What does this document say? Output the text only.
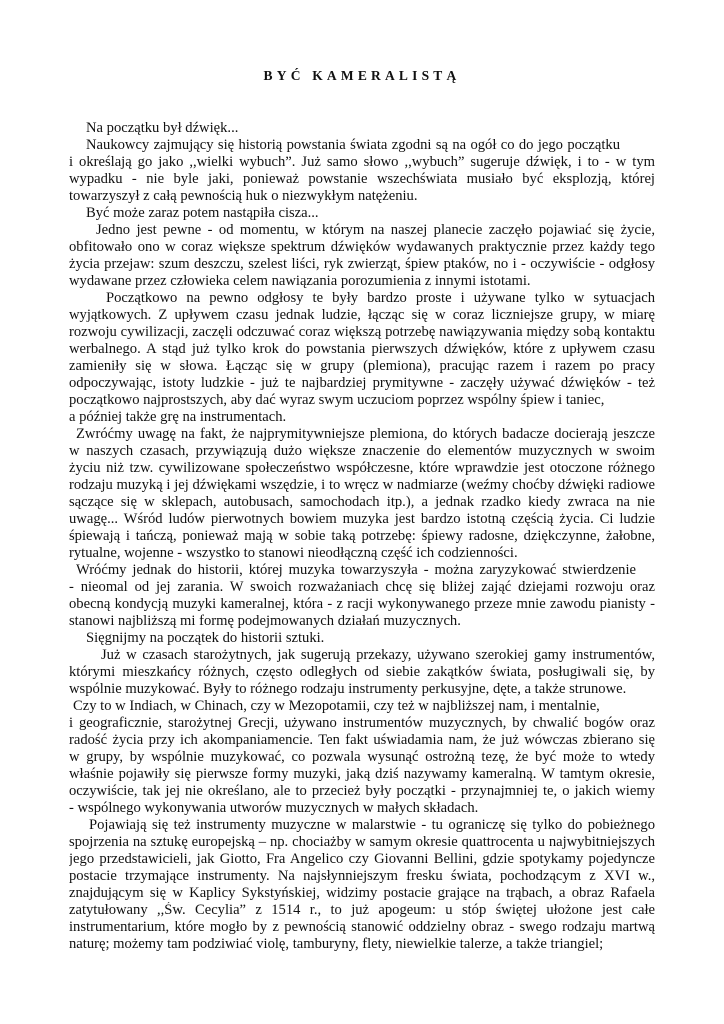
BYĆ KAMERALISTĄ

Na początku był dźwięk...

Naukowcy zajmujący się historią powstania świata zgodni są na ogół co do jego początku

i określają go jako ,,wielki wybuch”. Już samo słowo ,,wybuch” sugeruje dźwięk, i to - w tym

wypadku - nie byle jaki, ponieważ powstanie wszechświata musiało być eksplozją, której

towarzyszył z całą pewnością huk o niezwykłym natężeniu.

Być może zaraz potem nastąpiła cisza...

Jedno jest pewne - od momentu, w którym na naszej planecie zaczęło pojawiać się życie,

obfitowało ono w coraz większe spektrum dźwięków wydawanych praktycznie przez każdy tego

życia przejaw: szum deszczu, szelest liści, ryk zwierząt, śpiew ptaków, no i - oczywiście - odgłosy

wydawane przez człowieka celem nawiązania porozumienia z innymi istotami.

Początkowo na pewno odgłosy te były bardzo proste i używane tylko w sytuacjach

wyjątkowych. Z upływem czasu jednak ludzie, łącząc się w coraz liczniejsze grupy, w miarę

rozwoju cywilizacji, zaczęli odczuwać coraz większą potrzebę nawiązywania między sobą kontaktu

werbalnego. A stąd już tylko krok do powstania pierwszych dźwięków, które z upływem czasu

zamieniły się w słowa. Łącząc się w grupy (plemiona), pracując razem i razem po pracy

odpoczywając, istoty ludzkie - już te najbardziej prymitywne - zaczęły używać dźwięków - też

początkowo najprostszych, aby dać wyraz swym uczuciom poprzez wspólny śpiew i taniec,

a później także grę na instrumentach.

Zwróćmy uwagę na fakt, że najprymitywniejsze plemiona, do których badacze docierają jeszcze

w naszych czasach, przywiązują dużo większe znaczenie do elementów muzycznych w swoim

życiu niż tzw. cywilizowane społeczeństwo współczesne, które wprawdzie jest otoczone różnego

rodzaju muzyką i jej dźwiękami wszędzie, i to wręcz w nadmiarze (weźmy choćby dźwięki radiowe

sączące się w sklepach, autobusach, samochodach itp.), a jednak rzadko kiedy zwraca na nie

uwagę... Wśród ludów pierwotnych bowiem muzyka jest bardzo istotną częścią życia. Ci ludzie

śpiewają i tańczą, ponieważ mają w sobie taką potrzebę: śpiewy radosne, dziękczynne, żałobne,

rytualne, wojenne - wszystko to stanowi nieodłączną część ich codzienności.

Wróćmy jednak do historii, której muzyka towarzyszyła - można zaryzykować stwierdzenie

- nieomal od jej zarania. W swoich rozważaniach chcę się bliżej zająć dziejami rozwoju oraz

obecną kondycją muzyki kameralnej, która - z racji wykonywanego przeze mnie zawodu pianisty -

stanowi najbliższą mi formę podejmowanych działań muzycznych.

Sięgnijmy na początek do historii sztuki.

Już w czasach starożytnych, jak sugerują przekazy, używano szerokiej gamy instrumentów,

którymi mieszkańcy różnych, często odległych od siebie zakątków świata, posługiwali się, by

wspólnie muzykować. Były to różnego rodzaju instrumenty perkusyjne, dęte, a także strunowe.

Czy to w Indiach, w Chinach, czy w Mezopotamii, czy też w najbliższej nam, i mentalnie,

i geograficznie, starożytnej Grecji, używano instrumentów muzycznych, by chwalić bogów oraz

radość życia przy ich akompaniamencie. Ten fakt uświadamia nam, że już wówczas zbierano się

w grupy, by wspólnie muzykować, co pozwala wysunąć ostrożną tezę, że być może to wtedy

właśnie pojawiły się pierwsze formy muzyki, jaką dziś nazywamy kameralną. W tamtym okresie,

oczywiście, tak jej nie określano, ale to przecież były początki - przynajmniej te, o jakich wiemy

- wspólnego wykonywania utworów muzycznych w małych składach.

Pojawiają się też instrumenty muzyczne w malarstwie - tu ograniczę się tylko do pobieżnego

spojrzenia na sztukę europejską – np. chociażby w samym okresie quattrocenta u najwybitniejszych

jego przedstawicieli, jak Giotto, Fra Angelico czy Giovanni Bellini, gdzie spotykamy pojedyncze

postacie trzymające instrumenty. Na najsłynniejszym fresku świata, pochodzącym z XVI w.,

znajdującym się w Kaplicy Sykstyńskiej, widzimy postacie grające na trąbach, a obraz Rafaela

zatytułowany ,,Św. Cecylia” z 1514 r., to już apogeum: u stóp świętej ułożone jest całe

instrumentarium, które mogło by z pewnością stanowić oddzielny obraz - swego rodzaju martwą

naturę; możemy tam podziwiać violę, tamburyny, flety, niewielkie talerze, a także triangiel;
